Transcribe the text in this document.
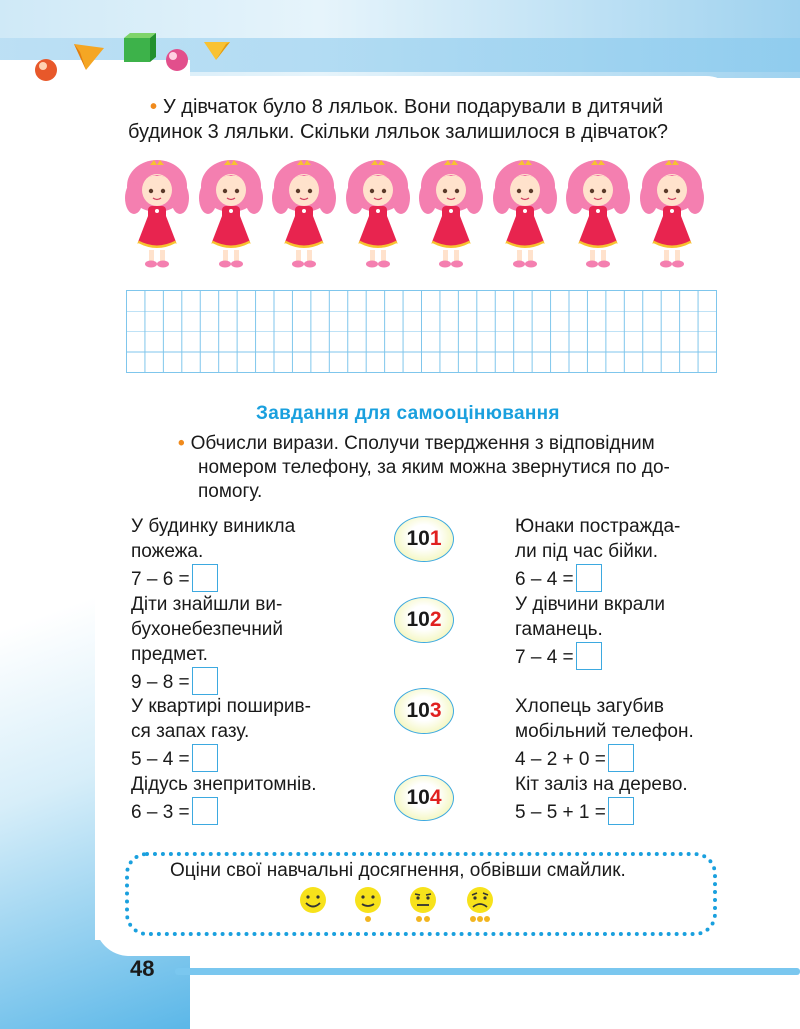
• У дівчаток було 8 ляльок. Вони подарували в дитячий
будинок 3 ляльки. Скільки ляльок залишилося в дівчаток?
Завдання для самооцінювання
• Обчисли вирази. Сполучи твердження з відповідним
номером телефону, за яким можна звернутися по до-
помогу.
У будинку виникла
пожежа.
7 – 6 =
Діти знайшли ви-
бухонебезпечний
предмет.
9 – 8 =
У квартирі поширив-
ся запах газу.
5 – 4 =
Дідусь знепритомнів.
6 – 3 =
101
102
103
104
Юнаки постражда-
ли під час бійки.
6 – 4 =
У дівчини вкрали
гаманець.
7 – 4 =
Хлопець загубив
мобільний телефон.
4 – 2 + 0 =
Кіт заліз на дерево.
5 – 5 + 1 =
Оціни свої навчальні досягнення, обвівши смайлик.
48
